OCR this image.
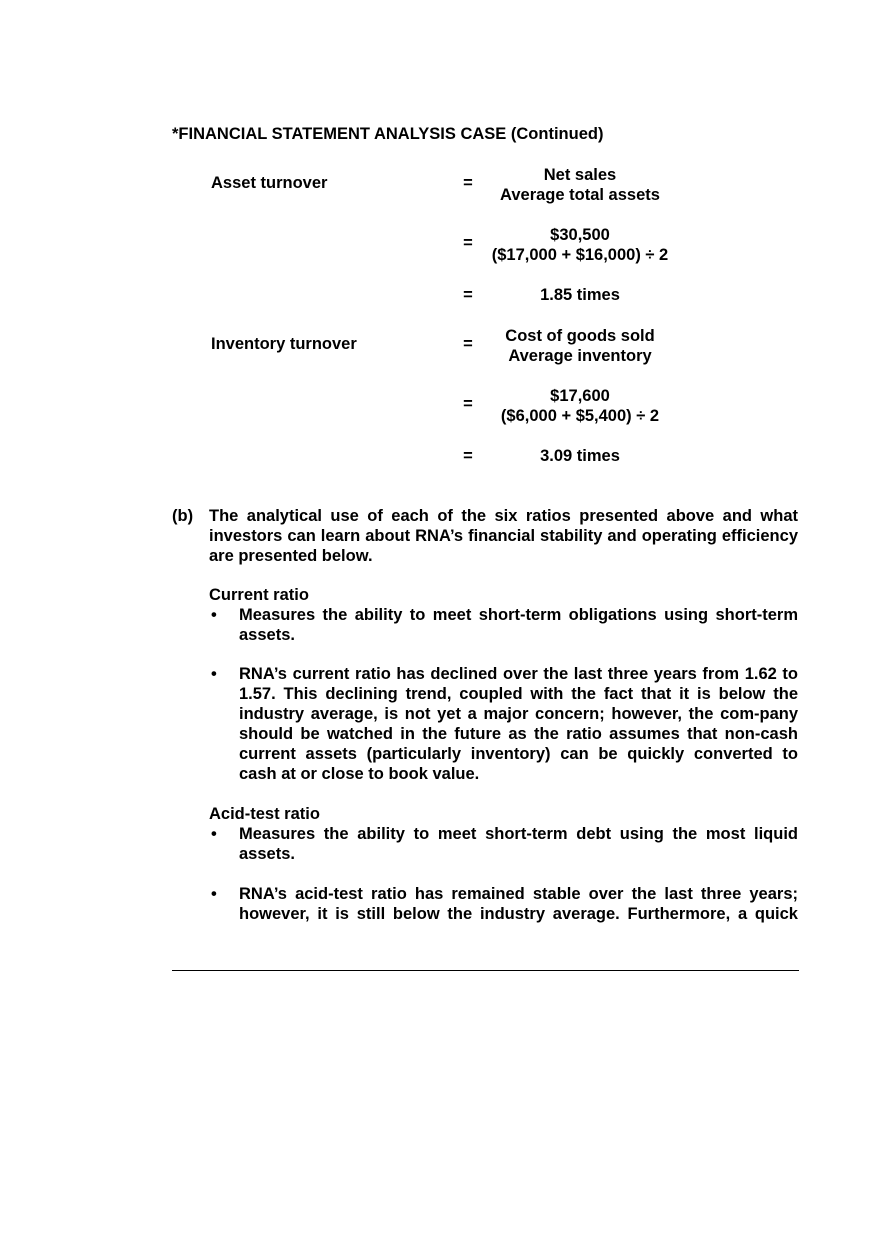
*FINANCIAL STATEMENT ANALYSIS CASE (Continued)
Asset turnover	=	Net sales
Average total assets
=	$30,500
($17,000 + $16,000) ÷ 2
=	1.85 times
Inventory turnover	=	Cost of goods sold
Average inventory
=	$17,600
($6,000 + $5,400) ÷ 2
=	3.09 times
(b) The analytical use of each of the six ratios presented above and what investors can learn about RNA’s financial stability and operating efficiency are presented below.
Current ratio
• Measures the ability to meet short-term obligations using short-term assets.
• RNA’s current ratio has declined over the last three years from 1.62 to 1.57. This declining trend, coupled with the fact that it is below the industry average, is not yet a major concern; however, the com-pany should be watched in the future as the ratio assumes that non-cash current assets (particularly inventory) can be quickly converted to cash at or close to book value.
Acid-test ratio
• Measures the ability to meet short-term debt using the most liquid assets.
• RNA’s acid-test ratio has remained stable over the last three years; however, it is still below the industry average. Furthermore, a quick
